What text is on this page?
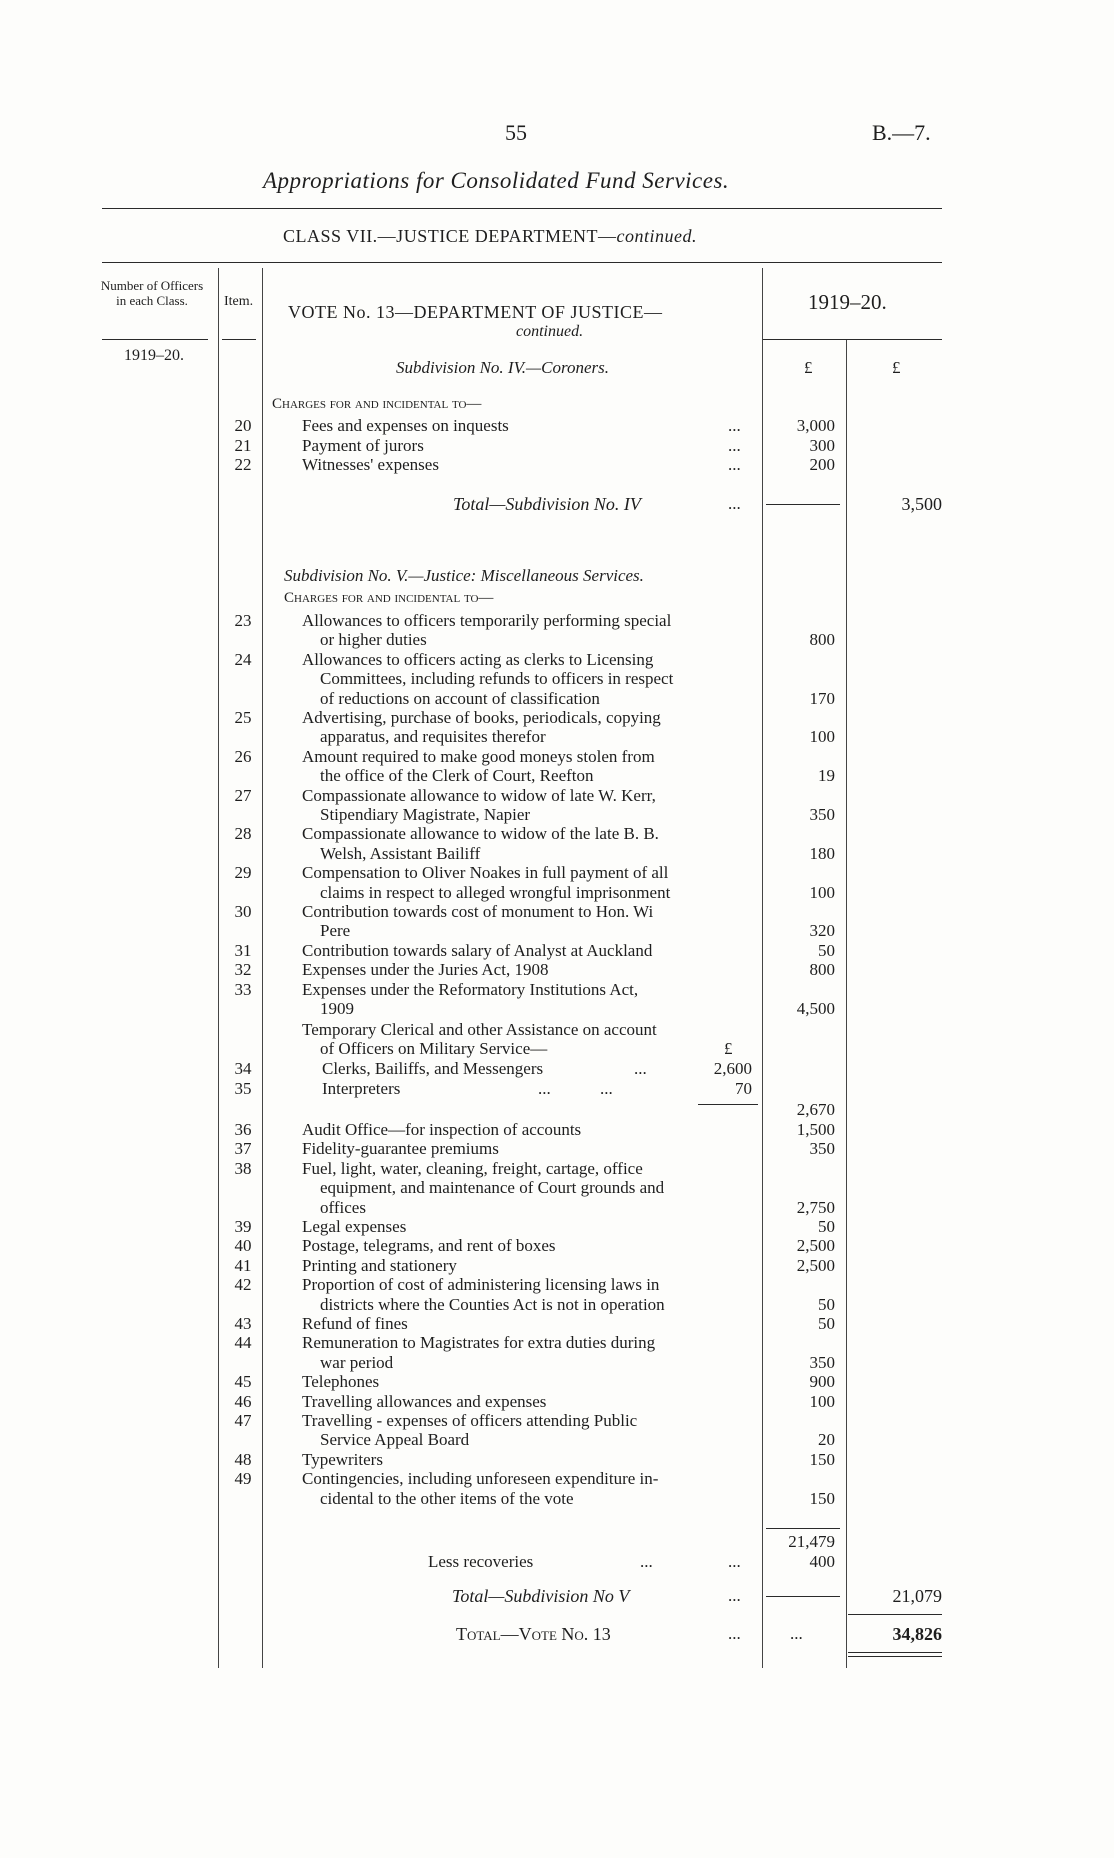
55	B.—7.
Appropriations for Consolidated Fund Services.
CLASS VII.—JUSTICE DEPARTMENT—continued.
Number of Officers in each Class.	Item.
VOTE No. 13—DEPARTMENT OF JUSTICE—
continued.
1919–20.
1919–20.
£	£
Subdivision No. IV.—Coroners.
Charges for and incidental to—
20	Fees and expenses on inquests	...	3,000
21	Payment of jurors	...	300
22	Witnesses' expenses	...	200
Total—Subdivision No. IV	...	3,500
Subdivision No. V.—Justice: Miscellaneous Services.
Charges for and incidental to—
23	Allowances to officers temporarily performing special
or higher duties	800
24	Allowances to officers acting as clerks to Licensing
Committees, including refunds to officers in respect
of reductions on account of classification	170
25	Advertising, purchase of books, periodicals, copying
apparatus, and requisites therefor	100
26	Amount required to make good moneys stolen from
the office of the Clerk of Court, Reefton	19
27	Compassionate allowance to widow of late W. Kerr,
Stipendiary Magistrate, Napier	350
28	Compassionate allowance to widow of the late B. B.
Welsh, Assistant Bailiff	180
29	Compensation to Oliver Noakes in full payment of all
claims in respect to alleged wrongful imprisonment	100
30	Contribution towards cost of monument to Hon. Wi
Pere	320
31	Contribution towards salary of Analyst at Auckland	50
32	Expenses under the Juries Act, 1908	800
33	Expenses under the Reformatory Institutions Act,
1909	4,500
Temporary Clerical and other Assistance on account
of Officers on Military Service—	£
34	Clerks, Bailiffs, and Messengers	...	2,600
35	Interpreters	...	...	70
2,670
36	Audit Office—for inspection of accounts	1,500
37	Fidelity-guarantee premiums	350
38	Fuel, light, water, cleaning, freight, cartage, office
equipment, and maintenance of Court grounds and
offices	2,750
39	Legal expenses	50
40	Postage, telegrams, and rent of boxes	2,500
41	Printing and stationery	2,500
42	Proportion of cost of administering licensing laws in
districts where the Counties Act is not in operation	50
43	Refund of fines	50
44	Remuneration to Magistrates for extra duties during
war period	350
45	Telephones	900
46	Travelling allowances and expenses	100
47	Travelling - expenses of officers attending Public
Service Appeal Board	20
48	Typewriters	150
49	Contingencies, including unforeseen expenditure in-
cidental to the other items of the vote	150
21,479
Less recoveries	...	...	400
Total—Subdivision No V	...	21,079
Total—Vote No. 13	...	...	34,826
